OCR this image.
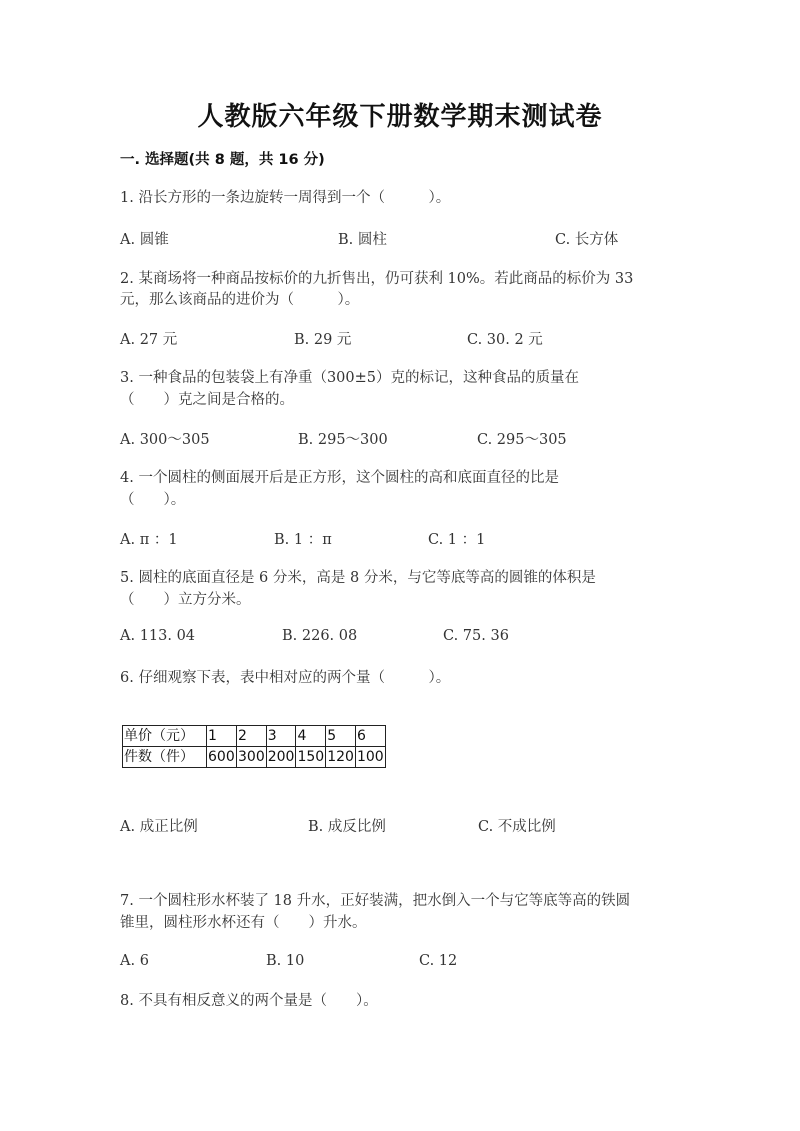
人教版六年级下册数学期末测试卷
一. 选择题(共 8 题，共 16 分)
1. 沿长方形的一条边旋转一周得到一个（　　　）。
A. 圆锥	B. 圆柱	C. 长方体
2. 某商场将一种商品按标价的九折售出，仍可获利 10%。若此商品的标价为 33
元，那么该商品的进价为（　　　）。
A. 27 元	B. 29 元	C. 30. 2 元
3. 一种食品的包装袋上有净重（300±5）克的标记，这种食品的质量在
（　　）克之间是合格的。
A. 300～305	B. 295～300	C. 295～305
4. 一个圆柱的侧面展开后是正方形，这个圆柱的高和底面直径的比是
（　　）。
A. π ：1	B. 1 ：π	C. 1 ：1
5. 圆柱的底面直径是 6 分米，高是 8 分米，与它等底等高的圆锥的体积是
（　　）立方分米。
A. 113. 04	B. 226. 08	C. 75. 36
6. 仔细观察下表，表中相对应的两个量（　　　）。
单价（元）	1	2	3	4	5	6
件数（件）	600	300	200	150	120	100
A. 成正比例	B. 成反比例	C. 不成比例
7. 一个圆柱形水杯装了 18 升水，正好装满，把水倒入一个与它等底等高的铁圆
锥里，圆柱形水杯还有（　　）升水。
A. 6	B. 10	C. 12
8. 不具有相反意义的两个量是（　　）。
